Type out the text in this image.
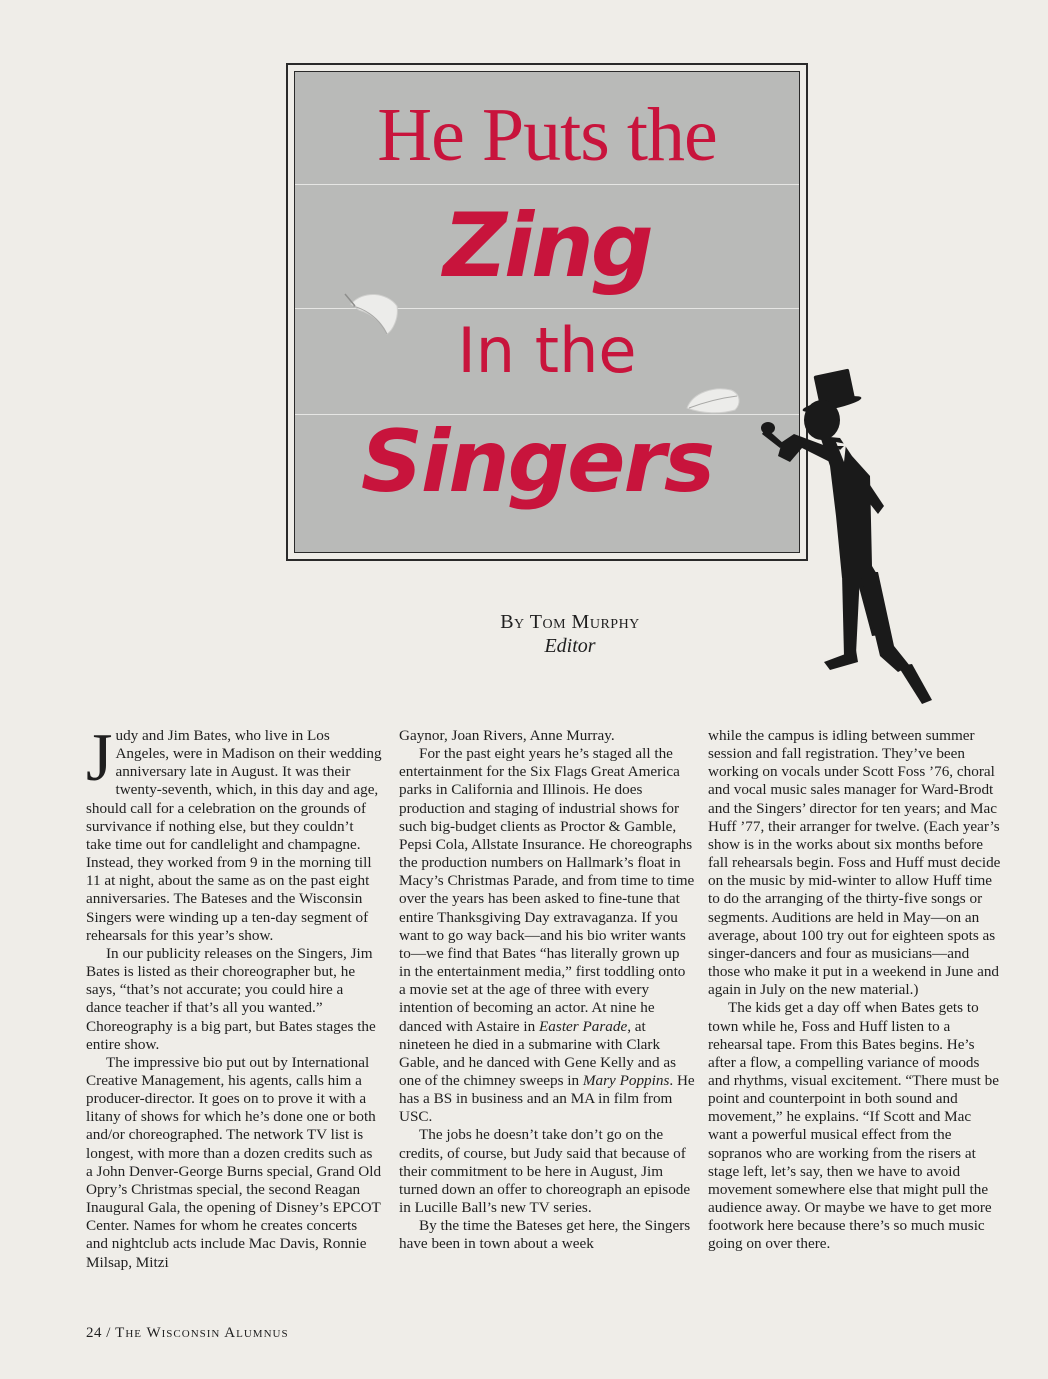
He Puts the
Zing
In the
Singers
By Tom Murphy
Editor

Judy and Jim Bates, who live in Los Angeles, were in Madison on their wedding anniversary late in August. It was their twenty-seventh, which, in this day and age, should call for a celebration on the grounds of survivance if nothing else, but they couldn’t take time out for candlelight and champagne. Instead, they worked from 9 in the morning till 11 at night, about the same as on the past eight anniversaries. The Bateses and the Wisconsin Singers were winding up a ten-day segment of rehearsals for this year’s show.

In our publicity releases on the Singers, Jim Bates is listed as their choreographer but, he says, “that’s not accurate; you could hire a dance teacher if that’s all you wanted.” Choreography is a big part, but Bates stages the entire show.

The impressive bio put out by International Creative Management, his agents, calls him a producer-director. It goes on to prove it with a litany of shows for which he’s done one or both and/or choreographed. The network TV list is longest, with more than a dozen credits such as a John Denver-George Burns special, Grand Old Opry’s Christmas special, the second Reagan Inaugural Gala, the opening of Disney’s EPCOT Center. Names for whom he creates concerts and nightclub acts include Mac Davis, Ronnie Milsap, Mitzi

Gaynor, Joan Rivers, Anne Murray.

For the past eight years he’s staged all the entertainment for the Six Flags Great America parks in California and Illinois. He does production and staging of industrial shows for such big-budget clients as Proctor & Gamble, Pepsi Cola, Allstate Insurance. He choreographs the production numbers on Hallmark’s float in Macy’s Christmas Parade, and from time to time over the years has been asked to fine-tune that entire Thanksgiving Day extravaganza. If you want to go way back—and his bio writer wants to—we find that Bates “has literally grown up in the entertainment media,” first toddling onto a movie set at the age of three with every intention of becoming an actor. At nine he danced with Astaire in Easter Parade, at nineteen he died in a submarine with Clark Gable, and he danced with Gene Kelly and as one of the chimney sweeps in Mary Poppins. He has a BS in business and an MA in film from USC.

The jobs he doesn’t take don’t go on the credits, of course, but Judy said that because of their commitment to be here in August, Jim turned down an offer to choreograph an episode in Lucille Ball’s new TV series.

By the time the Bateses get here, the Singers have been in town about a week

while the campus is idling between summer session and fall registration. They’ve been working on vocals under Scott Foss ’76, choral and vocal music sales manager for Ward-Brodt and the Singers’ director for ten years; and Mac Huff ’77, their arranger for twelve. (Each year’s show is in the works about six months before fall rehearsals begin. Foss and Huff must decide on the music by mid-winter to allow Huff time to do the arranging of the thirty-five songs or segments. Auditions are held in May—on an average, about 100 try out for eighteen spots as singer-dancers and four as musicians—and those who make it put in a weekend in June and again in July on the new material.)

The kids get a day off when Bates gets to town while he, Foss and Huff listen to a rehearsal tape. From this Bates begins. He’s after a flow, a compelling variance of moods and rhythms, visual excitement. “There must be point and counterpoint in both sound and movement,” he explains. “If Scott and Mac want a powerful musical effect from the sopranos who are working from the risers at stage left, let’s say, then we have to avoid movement somewhere else that might pull the audience away. Or maybe we have to get more footwork here because there’s so much music going on over there.

24 / The Wisconsin Alumnus
